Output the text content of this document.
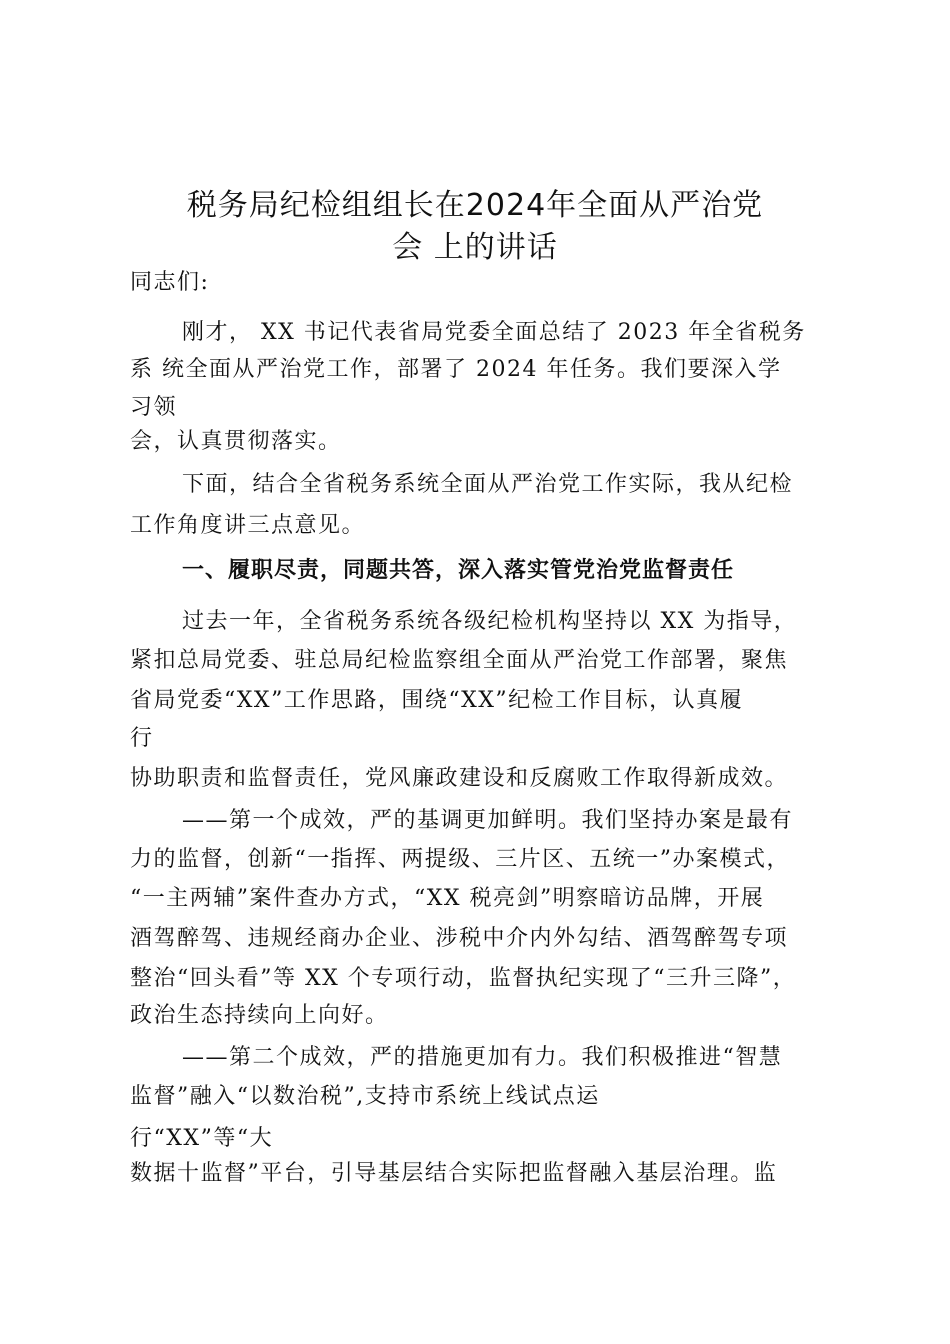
税务局纪检组组长在2024年全面从严治党
会 上的讲话
同志们:
刚才， XX 书记代表省局党委全面总结了 2023 年全省税务
系 统全面从严治党工作，部署了 2024 年任务。我们要深入学
习领
会，认真贯彻落实。
下面，结合全省税务系统全面从严治党工作实际，我从纪检
工作角度讲三点意见。
一、履职尽责，同题共答，深入落实管党治党监督责任
过去一年，全省税务系统各级纪检机构坚持以 XX 为指导，
紧扣总局党委、驻总局纪检监察组全面从严治党工作部署，聚焦
省局党委“XX”工作思路，围绕“XX”纪检工作目标，认真履
行
协助职责和监督责任，党风廉政建设和反腐败工作取得新成效。
——第一个成效，严的基调更加鲜明。我们坚持办案是最有
力的监督，创新“一指挥、两提级、三片区、五统一”办案模式，
“一主两辅”案件查办方式，“XX 税亮剑”明察暗访品牌，开展
酒驾醉驾、违规经商办企业、涉税中介内外勾结、酒驾醉驾专项
整治“回头看”等 XX 个专项行动，监督执纪实现了“三升三降”，
政治生态持续向上向好。
——第二个成效，严的措施更加有力。我们积极推进“智慧
监督”融入“以数治税”,支持市系统上线试点运
行“XX”等“大
数据十监督”平台，引导基层结合实际把监督融入基层治理。监
